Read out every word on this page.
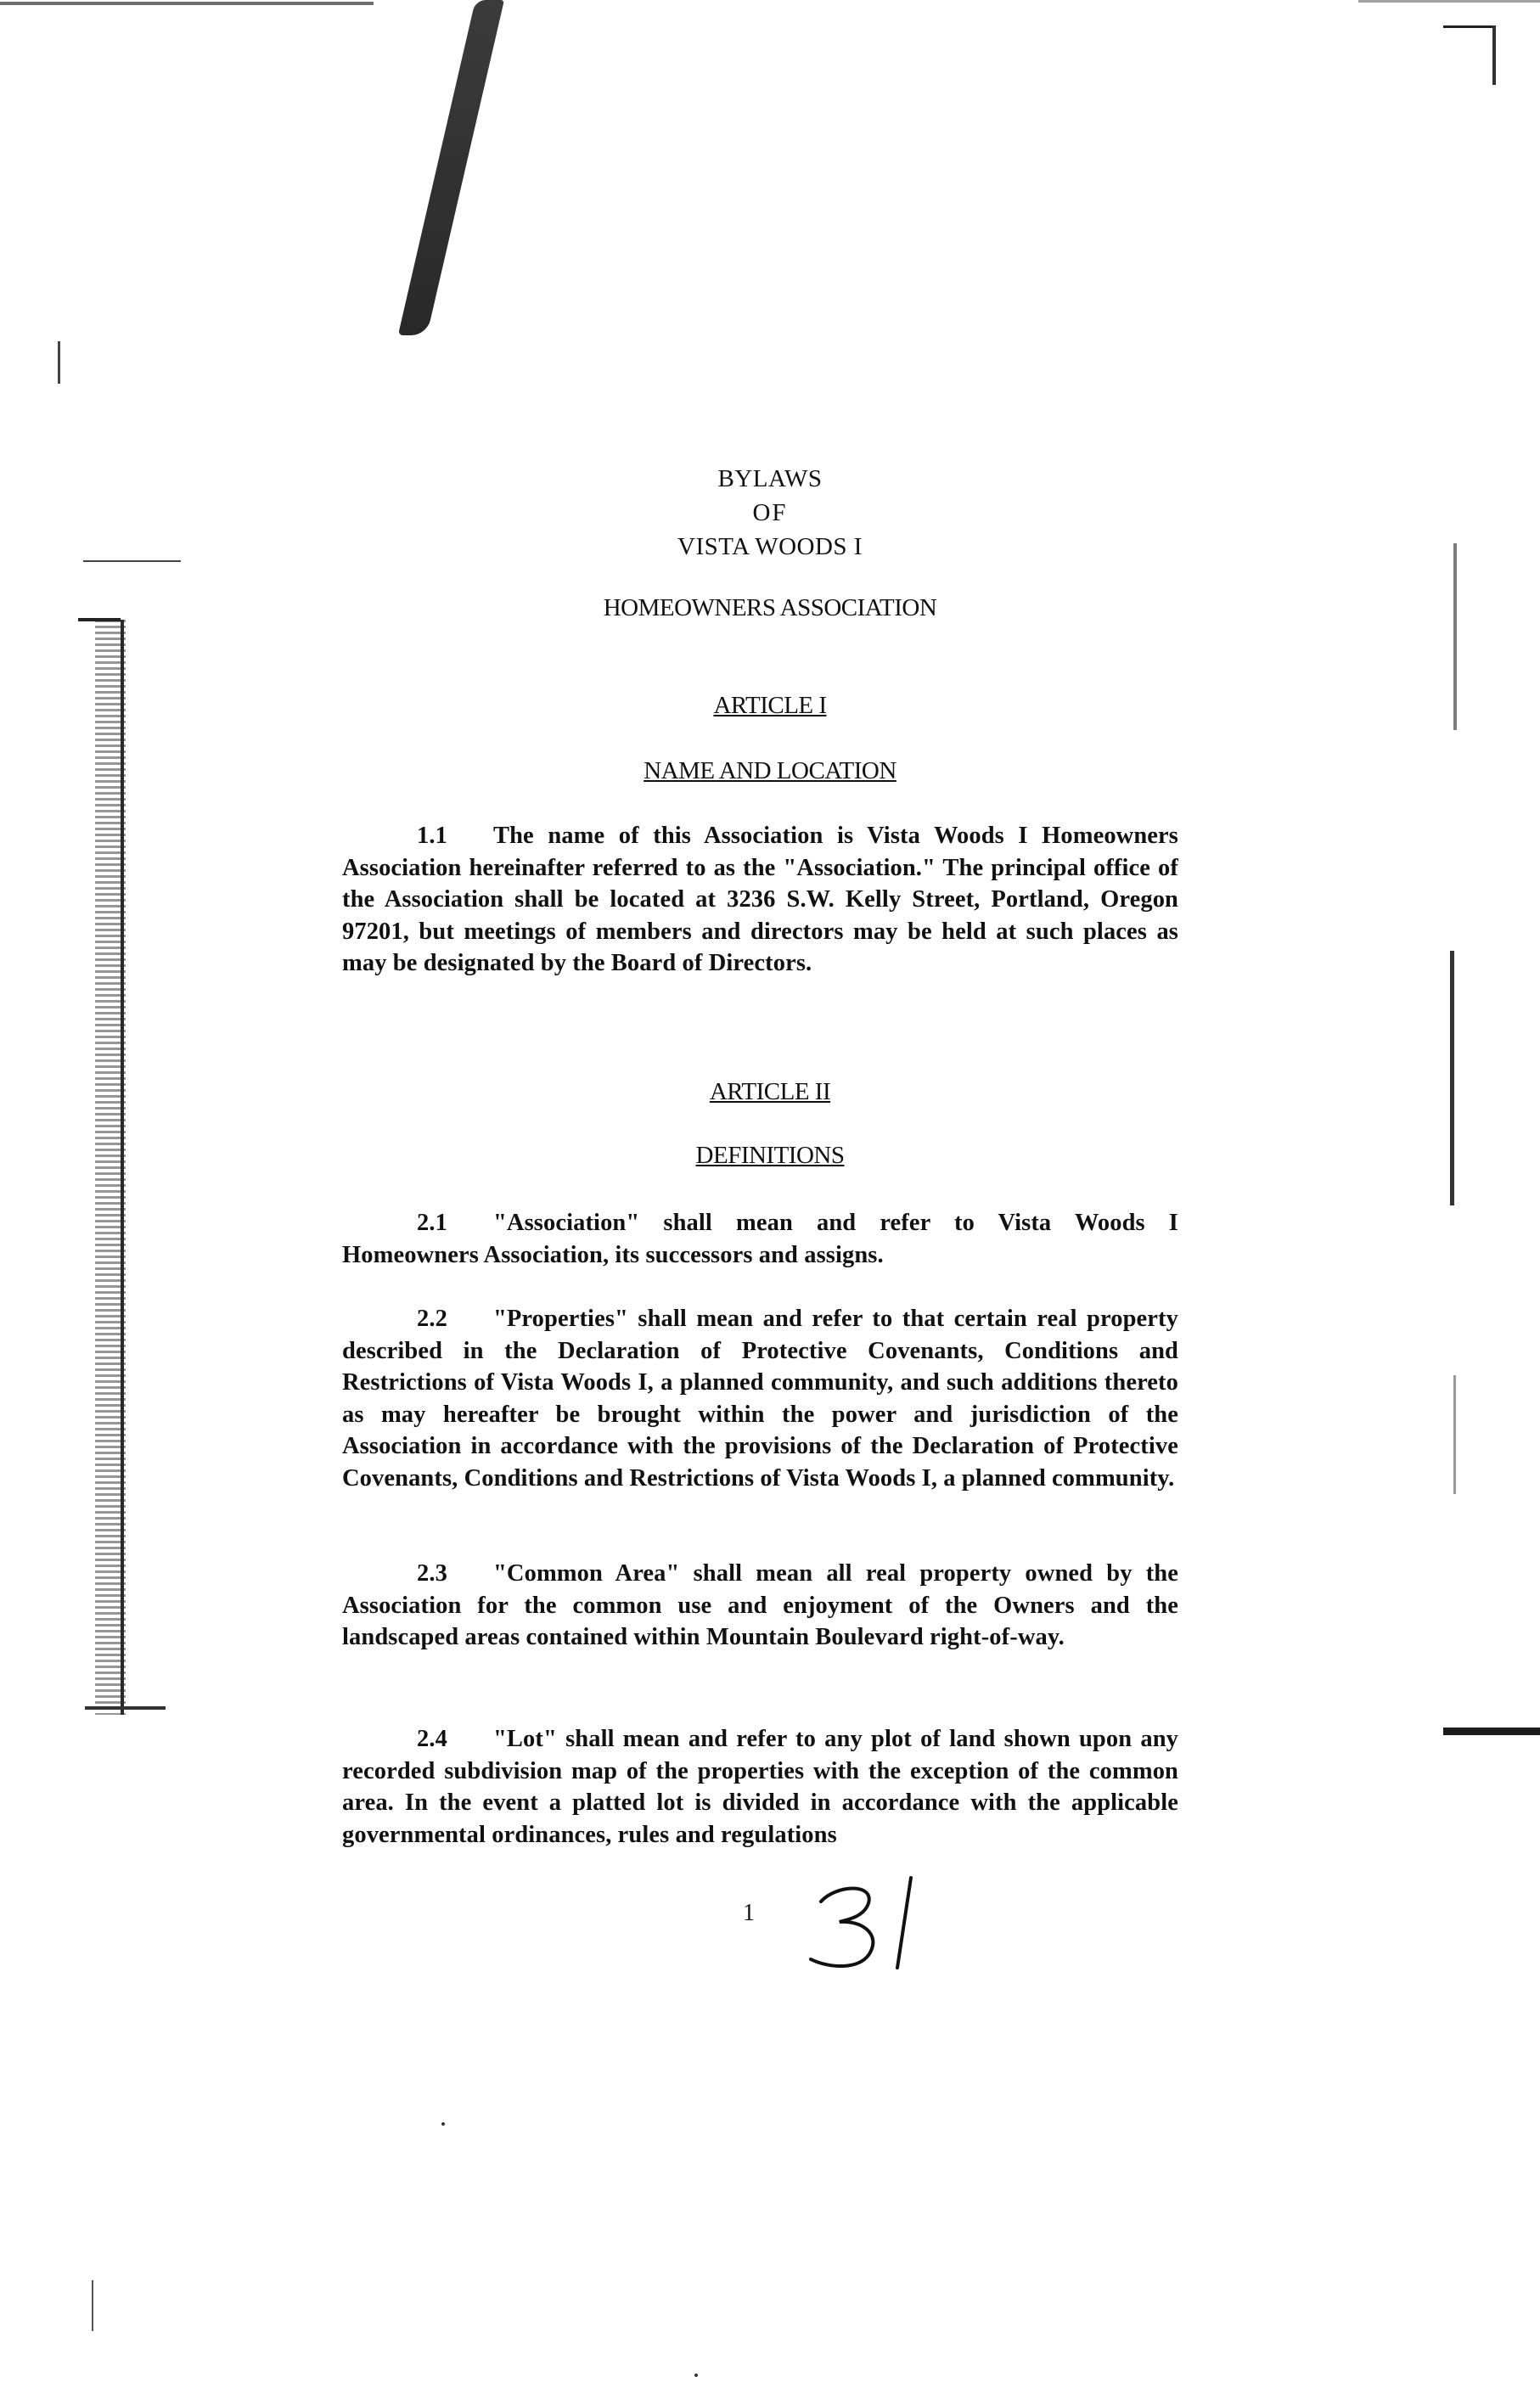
BYLAWS
OF
VISTA WOODS I
HOMEOWNERS ASSOCIATION
ARTICLE I
NAME AND LOCATION
1.1 The name of this Association is Vista Woods I Homeowners Association hereinafter referred to as the "Association." The principal office of the Association shall be located at 3236 S.W. Kelly Street, Portland, Oregon 97201, but meetings of members and directors may be held at such places as may be designated by the Board of Directors.
ARTICLE II
DEFINITIONS
2.1 "Association" shall mean and refer to Vista Woods I Homeowners Association, its successors and assigns.
2.2 "Properties" shall mean and refer to that certain real property described in the Declaration of Protective Covenants, Conditions and Restrictions of Vista Woods I, a planned community, and such additions thereto as may hereafter be brought within the power and jurisdiction of the Association in accordance with the provisions of the Declaration of Protective Covenants, Conditions and Restrictions of Vista Woods I, a planned community.
2.3 "Common Area" shall mean all real property owned by the Association for the common use and enjoyment of the Owners and the landscaped areas contained within Mountain Boulevard right-of-way.
2.4 "Lot" shall mean and refer to any plot of land shown upon any recorded subdivision map of the properties with the exception of the common area. In the event a platted lot is divided in accordance with the applicable governmental ordinances, rules and regulations
1
